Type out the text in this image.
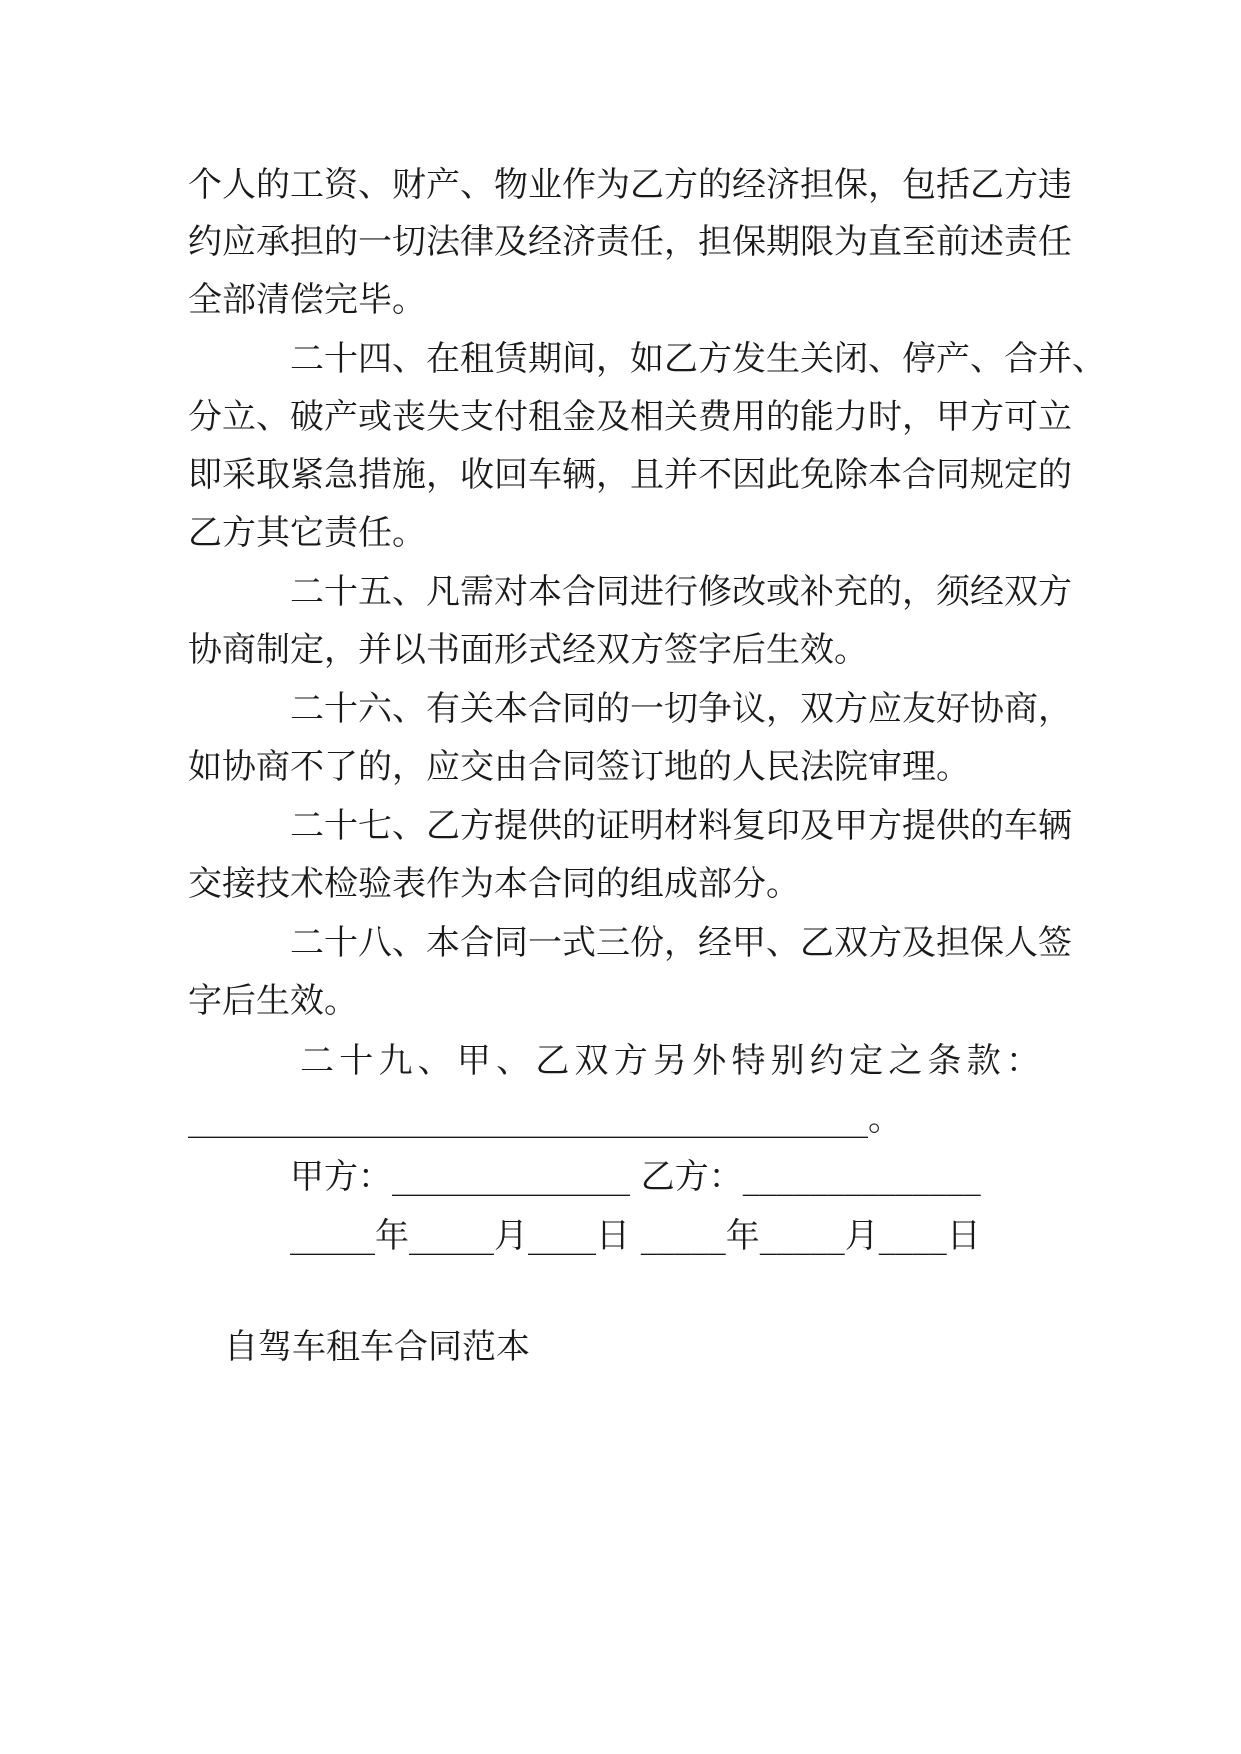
个人的工资、财产、物业作为乙方的经济担保，包括乙方违
约应承担的一切法律及经济责任，担保期限为直至前述责任
全部清偿完毕。
二十四、在租赁期间，如乙方发生关闭、停产、合并、
分立、破产或丧失支付租金及相关费用的能力时，甲方可立
即采取紧急措施，收回车辆，且并不因此免除本合同规定的
乙方其它责任。
二十五、凡需对本合同进行修改或补充的，须经双方
协商制定，并以书面形式经双方签字后生效。
二十六、有关本合同的一切争议，双方应友好协商，
如协商不了的，应交由合同签订地的人民法院审理。
二十七、乙方提供的证明材料复印及甲方提供的车辆
交接技术检验表作为本合同的组成部分。
二十八、本合同一式三份，经甲、乙双方及担保人签
字后生效。
二十九、甲、乙双方另外特别约定之条款：
________________________________________。
甲方：______________ 乙方：______________
_____年_____月____日 _____年_____月____日
自驾车租车合同范本
